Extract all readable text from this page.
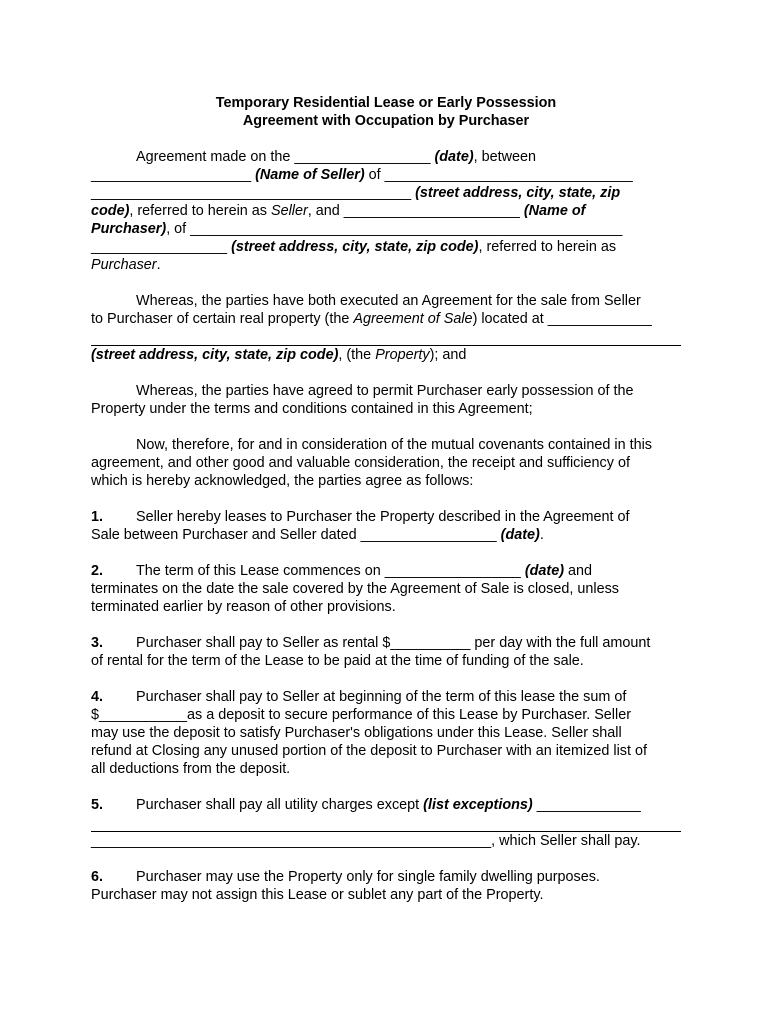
Temporary Residential Lease or Early Possession
Agreement with Occupation by Purchaser
Agreement made on the _________________ (date), between
____________________ (Name of Seller) of _______________________________
________________________________________ (street address, city, state, zip
code), referred to herein as Seller, and ______________________ (Name of
Purchaser), of ______________________________________________________
_________________ (street address, city, state, zip code), referred to herein as
Purchaser.
Whereas, the parties have both executed an Agreement for the sale from Seller
to Purchaser of certain real property (the Agreement of Sale) located at _____________
(street address, city, state, zip code), (the Property); and
Whereas, the parties have agreed to permit Purchaser early possession of the
Property under the terms and conditions contained in this Agreement;
Now, therefore, for and in consideration of the mutual covenants contained in this
agreement, and other good and valuable consideration, the receipt and sufficiency of
which is hereby acknowledged, the parties agree as follows:
1. Seller hereby leases to Purchaser the Property described in the Agreement of
Sale between Purchaser and Seller dated _________________ (date).
2. The term of this Lease commences on _________________ (date) and
terminates on the date the sale covered by the Agreement of Sale is closed, unless
terminated earlier by reason of other provisions.
3. Purchaser shall pay to Seller as rental $__________ per day with the full amount
of rental for the term of the Lease to be paid at the time of funding of the sale.
4. Purchaser shall pay to Seller at beginning of the term of this lease the sum of
$___________as a deposit to secure performance of this Lease by Purchaser. Seller
may use the deposit to satisfy Purchaser's obligations under this Lease. Seller shall
refund at Closing any unused portion of the deposit to Purchaser with an itemized list of
all deductions from the deposit.
5. Purchaser shall pay all utility charges except (list exceptions) _____________
__________________________________________________, which Seller shall pay.
6. Purchaser may use the Property only for single family dwelling purposes.
Purchaser may not assign this Lease or sublet any part of the Property.
